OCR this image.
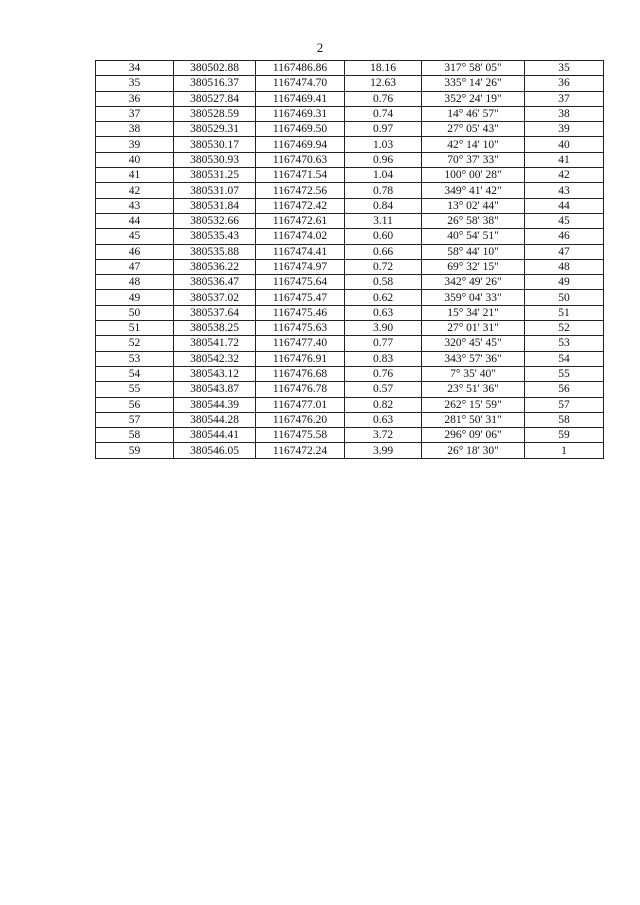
2
34	380502.88	1167486.86	18.16	317° 58' 05"	35
35	380516.37	1167474.70	12.63	335° 14' 26"	36
36	380527.84	1167469.41	0.76	352° 24' 19"	37
37	380528.59	1167469.31	0.74	14° 46' 57"	38
38	380529.31	1167469.50	0.97	27° 05' 43"	39
39	380530.17	1167469.94	1.03	42° 14' 10"	40
40	380530.93	1167470.63	0.96	70° 37' 33"	41
41	380531.25	1167471.54	1.04	100° 00' 28"	42
42	380531.07	1167472.56	0.78	349° 41' 42"	43
43	380531.84	1167472.42	0.84	13° 02' 44"	44
44	380532.66	1167472.61	3.11	26° 58' 38"	45
45	380535.43	1167474.02	0.60	40° 54' 51"	46
46	380535.88	1167474.41	0.66	58° 44' 10"	47
47	380536.22	1167474.97	0.72	69° 32' 15"	48
48	380536.47	1167475.64	0.58	342° 49' 26"	49
49	380537.02	1167475.47	0.62	359° 04' 33"	50
50	380537.64	1167475.46	0.63	15° 34' 21"	51
51	380538.25	1167475.63	3.90	27° 01' 31"	52
52	380541.72	1167477.40	0.77	320° 45' 45"	53
53	380542.32	1167476.91	0.83	343° 57' 36"	54
54	380543.12	1167476.68	0.76	7° 35' 40"	55
55	380543.87	1167476.78	0.57	23° 51' 36"	56
56	380544.39	1167477.01	0.82	262° 15' 59"	57
57	380544.28	1167476.20	0.63	281° 50' 31"	58
58	380544.41	1167475.58	3.72	296° 09' 06"	59
59	380546.05	1167472.24	3.99	26° 18' 30"	1
